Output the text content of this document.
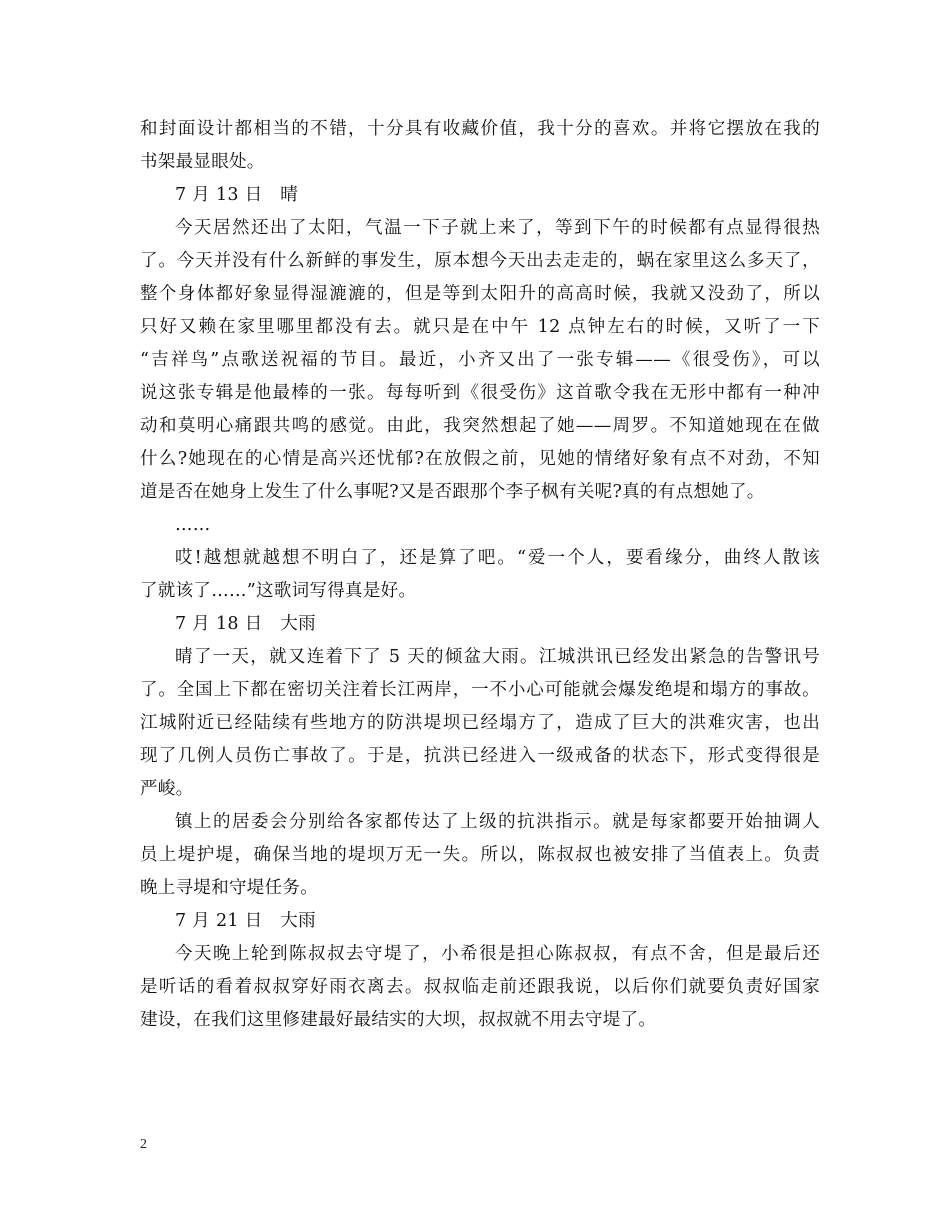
和封面设计都相当的不错，十分具有收藏价值，我十分的喜欢。并将它摆放在我的
书架最显眼处。
7 月 13 日　晴
今天居然还出了太阳，气温一下子就上来了，等到下午的时候都有点显得很热
了。今天并没有什么新鲜的事发生，原本想今天出去走走的，蜗在家里这么多天了，
整个身体都好象显得湿漉漉的，但是等到太阳升的高高时候，我就又没劲了，所以
只好又赖在家里哪里都没有去。就只是在中午 12 点钟左右的时候，又听了一下
“吉祥鸟”点歌送祝福的节目。最近，小齐又出了一张专辑——《很受伤》，可以
说这张专辑是他最棒的一张。每每听到《很受伤》这首歌令我在无形中都有一种冲
动和莫明心痛跟共鸣的感觉。由此，我突然想起了她——周罗。不知道她现在在做
什么?她现在的心情是高兴还忧郁?在放假之前，见她的情绪好象有点不对劲，不知
道是否在她身上发生了什么事呢?又是否跟那个李子枫有关呢?真的有点想她了。
……
哎!越想就越想不明白了，还是算了吧。“爱一个人，要看缘分，曲终人散该
了就该了……”这歌词写得真是好。
7 月 18 日　大雨
晴了一天，就又连着下了 5 天的倾盆大雨。江城洪讯已经发出紧急的告警讯号
了。全国上下都在密切关注着长江两岸，一不小心可能就会爆发绝堤和塌方的事故。
江城附近已经陆续有些地方的防洪堤坝已经塌方了，造成了巨大的洪难灾害，也出
现了几例人员伤亡事故了。于是，抗洪已经进入一级戒备的状态下，形式变得很是
严峻。
镇上的居委会分别给各家都传达了上级的抗洪指示。就是每家都要开始抽调人
员上堤护堤，确保当地的堤坝万无一失。所以，陈叔叔也被安排了当值表上。负责
晚上寻堤和守堤任务。
7 月 21 日　大雨
今天晚上轮到陈叔叔去守堤了，小希很是担心陈叔叔，有点不舍，但是最后还
是听话的看着叔叔穿好雨衣离去。叔叔临走前还跟我说，以后你们就要负责好国家
建设，在我们这里修建最好最结实的大坝，叔叔就不用去守堤了。
2
